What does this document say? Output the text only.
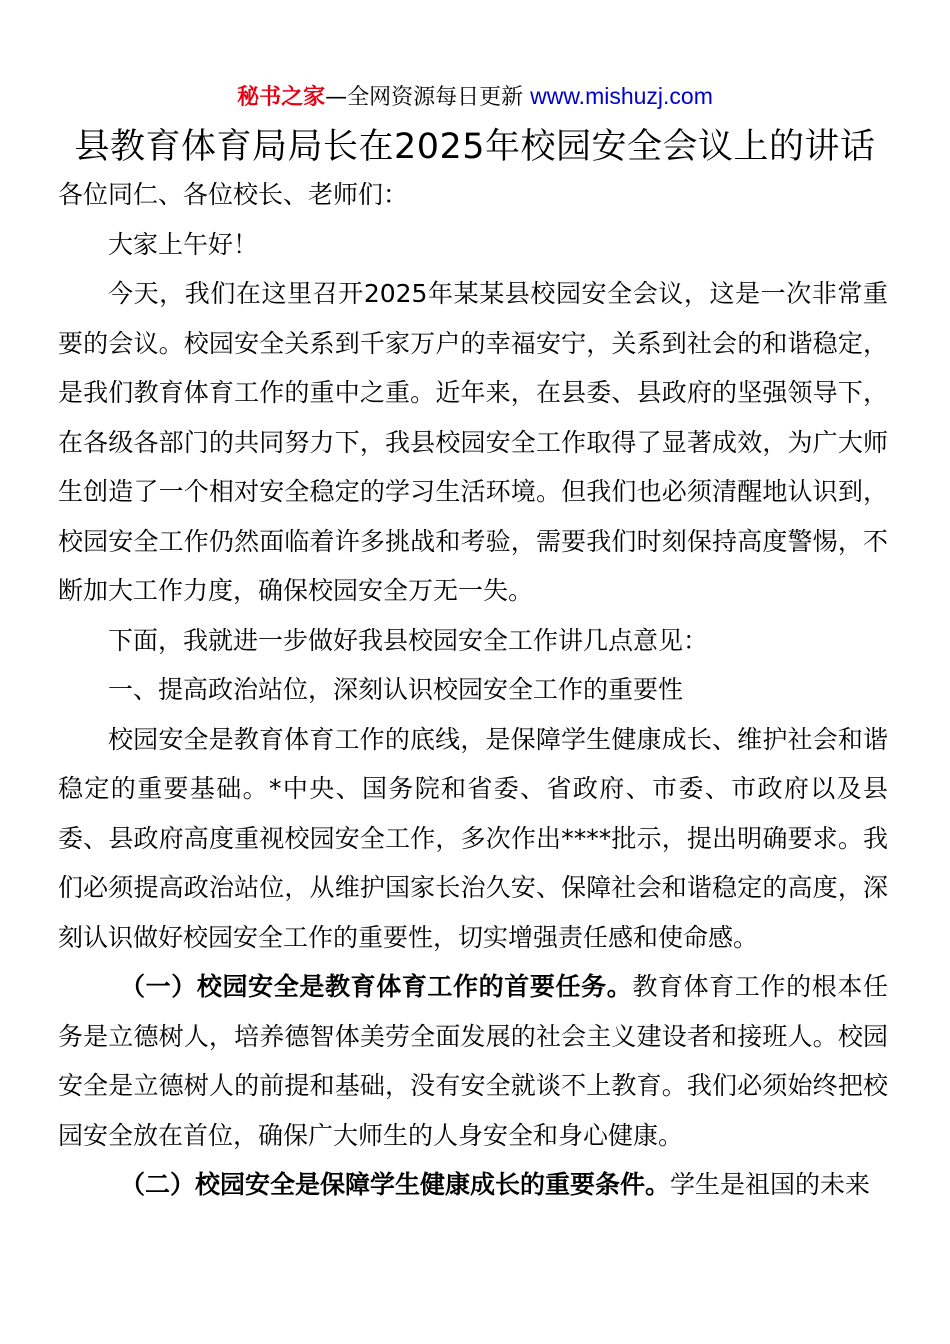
秘书之家—全网资源每日更新 www.mishuzj.com
县教育体育局局长在2025年校园安全会议上的讲话

各位同仁、各位校长、老师们：

大家上午好！

今天，我们在这里召开2025年某某县校园安全会议，这是一次非常重要的会议。校园安全关系到千家万户的幸福安宁，关系到社会的和谐稳定，是我们教育体育工作的重中之重。近年来，在县委、县政府的坚强领导下，在各级各部门的共同努力下，我县校园安全工作取得了显著成效，为广大师生创造了一个相对安全稳定的学习生活环境。但我们也必须清醒地认识到，校园安全工作仍然面临着许多挑战和考验，需要我们时刻保持高度警惕，不断加大工作力度，确保校园安全万无一失。

下面，我就进一步做好我县校园安全工作讲几点意见：

一、提高政治站位，深刻认识校园安全工作的重要性

校园安全是教育体育工作的底线，是保障学生健康成长、维护社会和谐稳定的重要基础。*中央、国务院和省委、省政府、市委、市政府以及县委、县政府高度重视校园安全工作，多次作出****批示，提出明确要求。我们必须提高政治站位，从维护国家长治久安、保障社会和谐稳定的高度，深刻认识做好校园安全工作的重要性，切实增强责任感和使命感。

（一）校园安全是教育体育工作的首要任务。教育体育工作的根本任务是立德树人，培养德智体美劳全面发展的社会主义建设者和接班人。校园安全是立德树人的前提和基础，没有安全就谈不上教育。我们必须始终把校园安全放在首位，确保广大师生的人身安全和身心健康。

（二）校园安全是保障学生健康成长的重要条件。学生是祖国的未来
